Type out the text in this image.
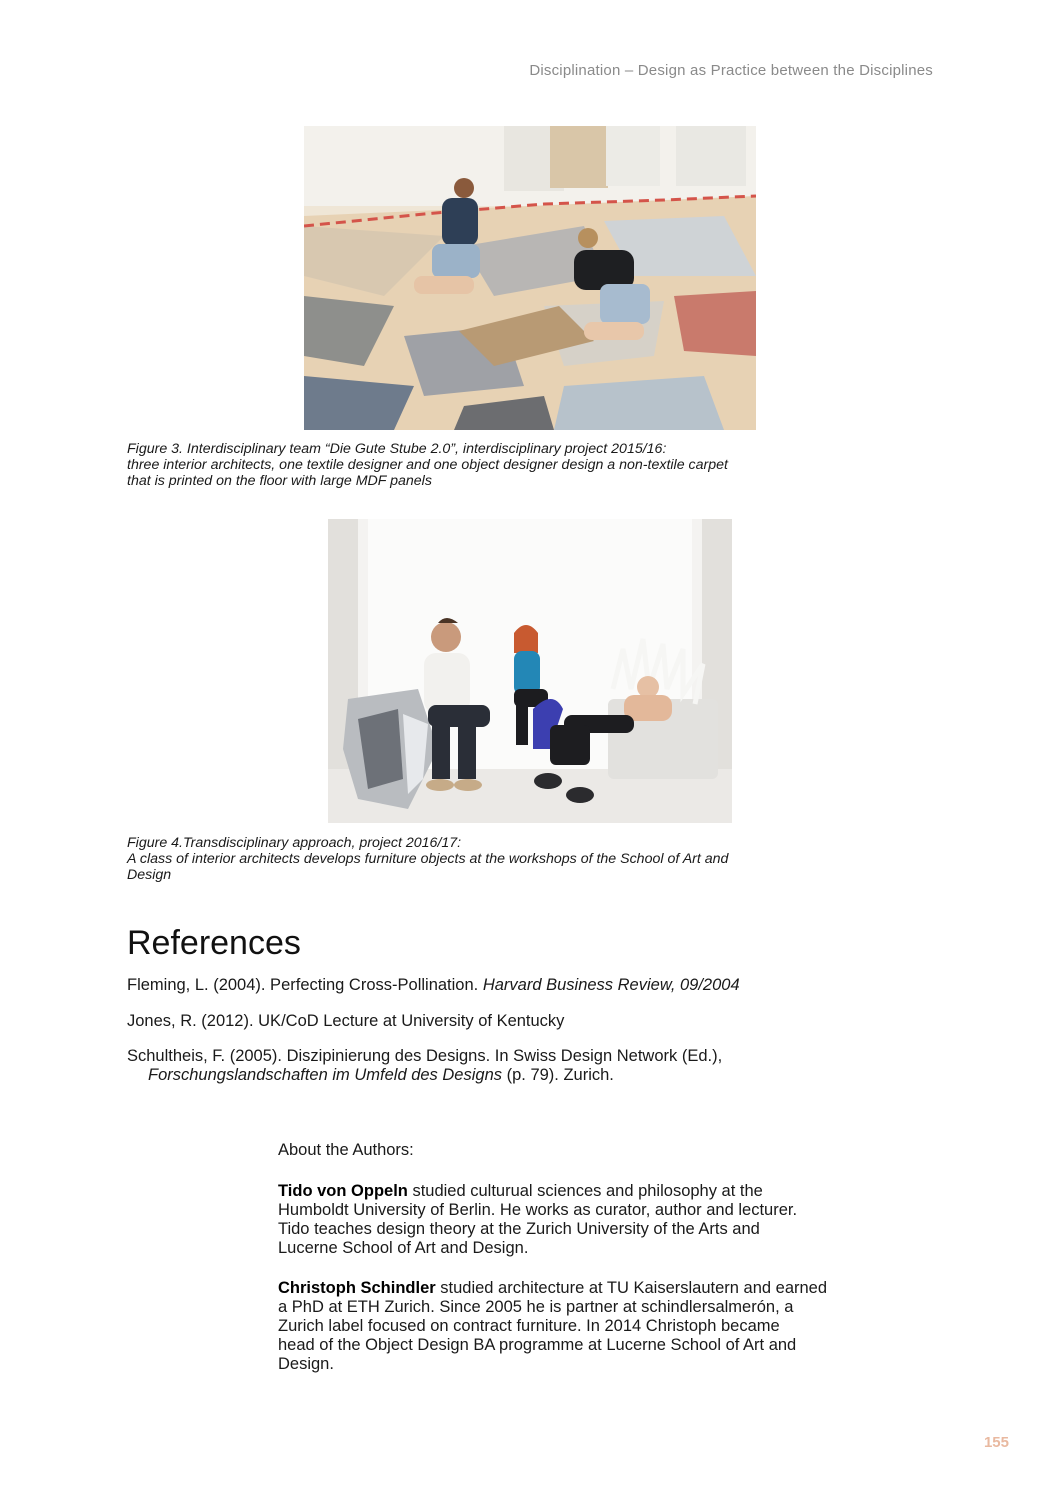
Disciplination – Design as Practice between the Disciplines
Figure 3. Interdisciplinary team “Die Gute Stube 2.0”, interdisciplinary project 2015/16:
three interior architects, one textile designer and one object designer design a non-textile carpet
that is printed on the floor with large MDF panels
Figure 4.Transdisciplinary approach, project 2016/17:
A class of interior architects develops furniture objects at the workshops of the School of Art and
Design
References
Fleming, L. (2004). Perfecting Cross-Pollination. Harvard Business Review, 09/2004
Jones, R. (2012). UK/CoD Lecture at University of Kentucky
Schultheis, F. (2005). Diszipinierung des Designs. In Swiss Design Network (Ed.),
Forschungslandschaften im Umfeld des Designs (p. 79). Zurich.
About the Authors:
Tido von Oppeln studied culturual sciences and philosophy at the
Humboldt University of Berlin. He works as curator, author and lecturer.
Tido teaches design theory at the Zurich University of the Arts and
Lucerne School of Art and Design.
Christoph Schindler studied architecture at TU Kaiserslautern and earned
a PhD at ETH Zurich. Since 2005 he is partner at schindlersalmerón, a
Zurich label focused on contract furniture. In 2014 Christoph became
head of the Object Design BA programme at Lucerne School of Art and
Design.
155
